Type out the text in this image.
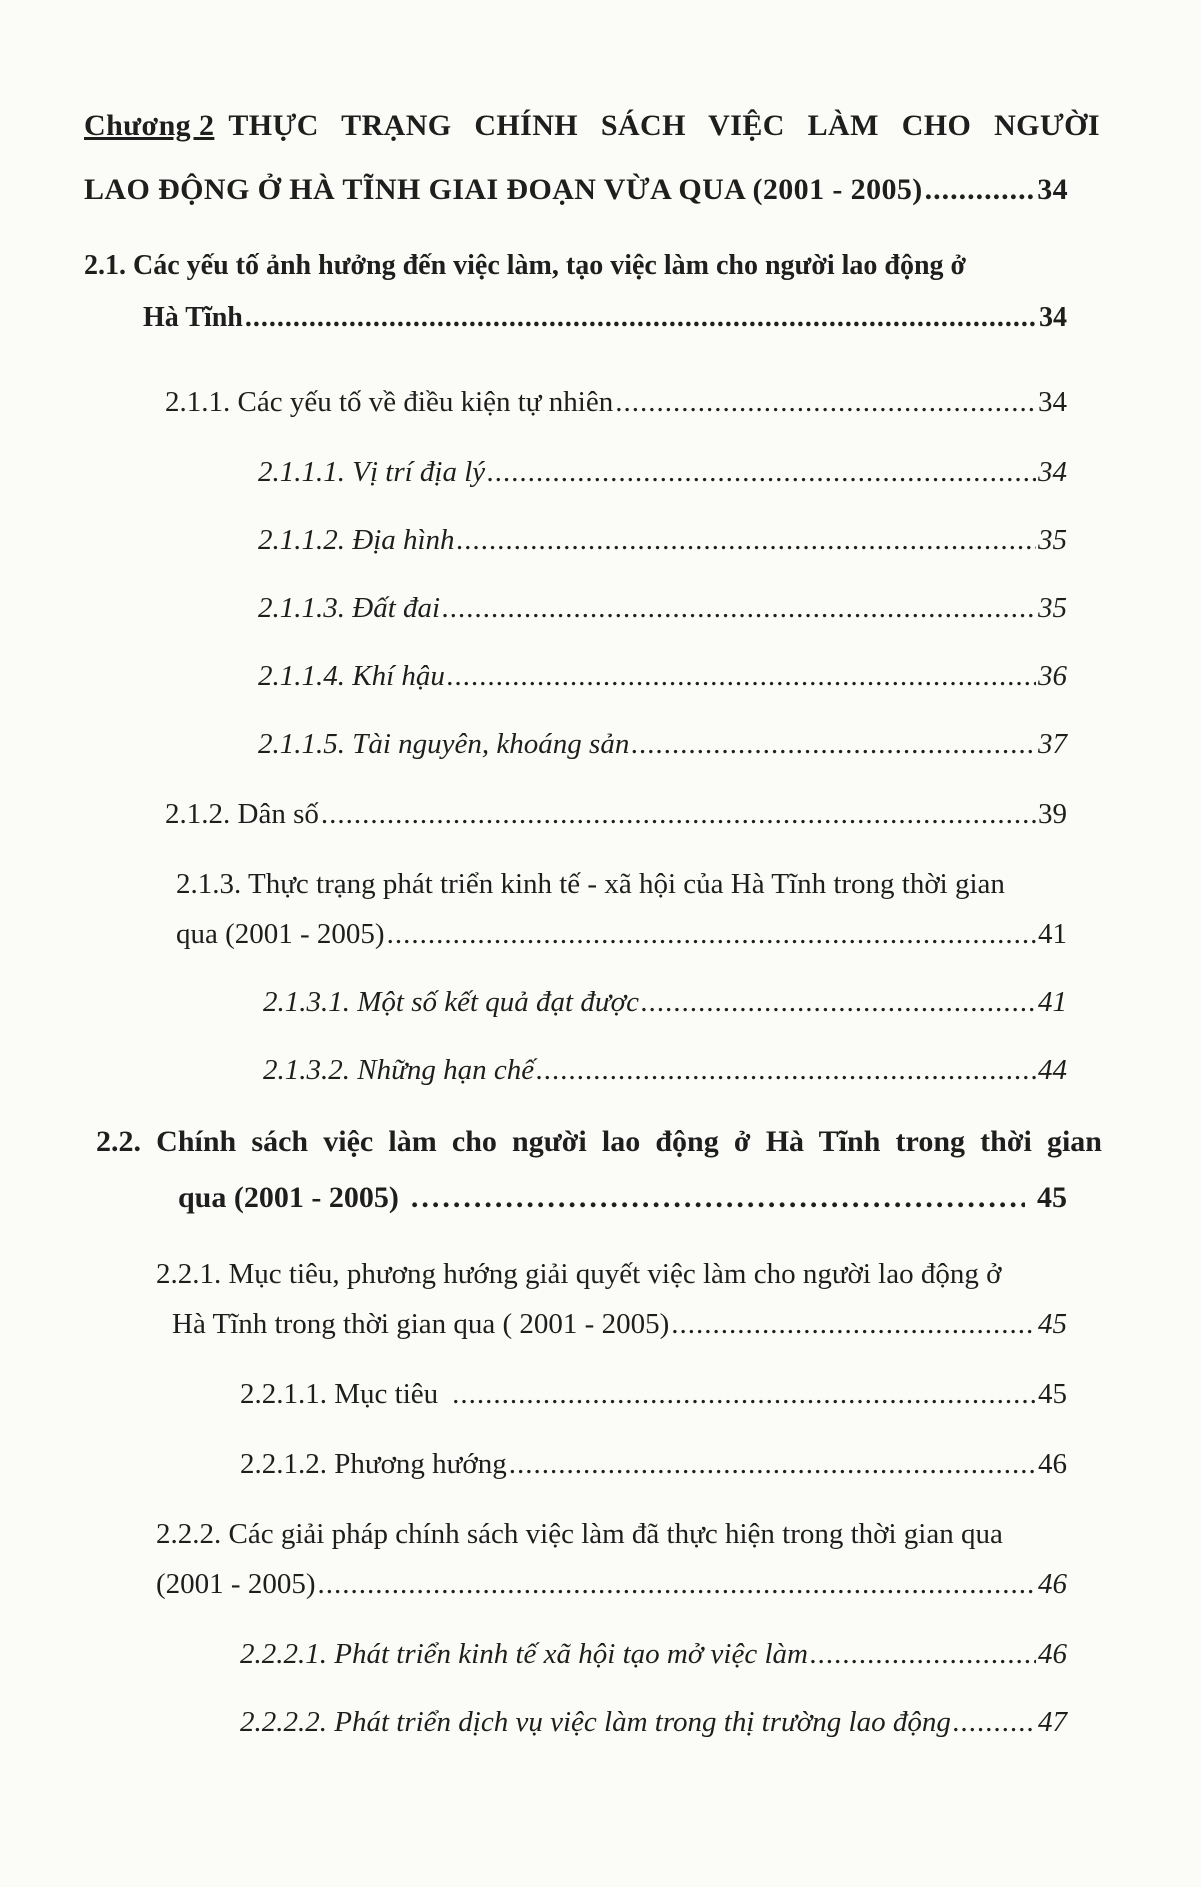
Chương 2 THỰC TRẠNG CHÍNH SÁCH VIỆC LÀM CHO NGƯỜI
LAO ĐỘNG Ở HÀ TĨNH GIAI ĐOẠN VỪA QUA (2001 - 2005) .....	34
2.1. Các yếu tố ảnh hưởng đến việc làm, tạo việc làm cho người lao động ở
Hà Tĩnh .....	34
2.1.1. Các yếu tố về điều kiện tự nhiên .....	34
2.1.1.1. Vị trí địa lý .....	34
2.1.1.2. Địa hình .....	35
2.1.1.3. Đất đai .....	35
2.1.1.4. Khí hậu .....	36
2.1.1.5. Tài nguyên, khoáng sản .....	37
2.1.2. Dân số .....	39
2.1.3. Thực trạng phát triển kinh tế - xã hội của Hà Tĩnh trong thời gian
qua (2001 - 2005) .....	41
2.1.3.1. Một số kết quả đạt được .....	41
2.1.3.2. Những hạn chế .....	44
2.2. Chính sách việc làm cho người lao động ở Hà Tĩnh trong thời gian
qua (2001 - 2005) .....	45
2.2.1. Mục tiêu, phương hướng giải quyết việc làm cho người lao động ở
Hà Tĩnh trong thời gian qua ( 2001 - 2005) .....	45
2.2.1.1. Mục tiêu .....	45
2.2.1.2. Phương hướng .....	46
2.2.2. Các giải pháp chính sách việc làm đã thực hiện trong thời gian qua
(2001 - 2005) .....	46
2.2.2.1. Phát triển kinh tế xã hội tạo mở việc làm .....	46
2.2.2.2. Phát triển dịch vụ việc làm trong thị trường lao động .....	47
